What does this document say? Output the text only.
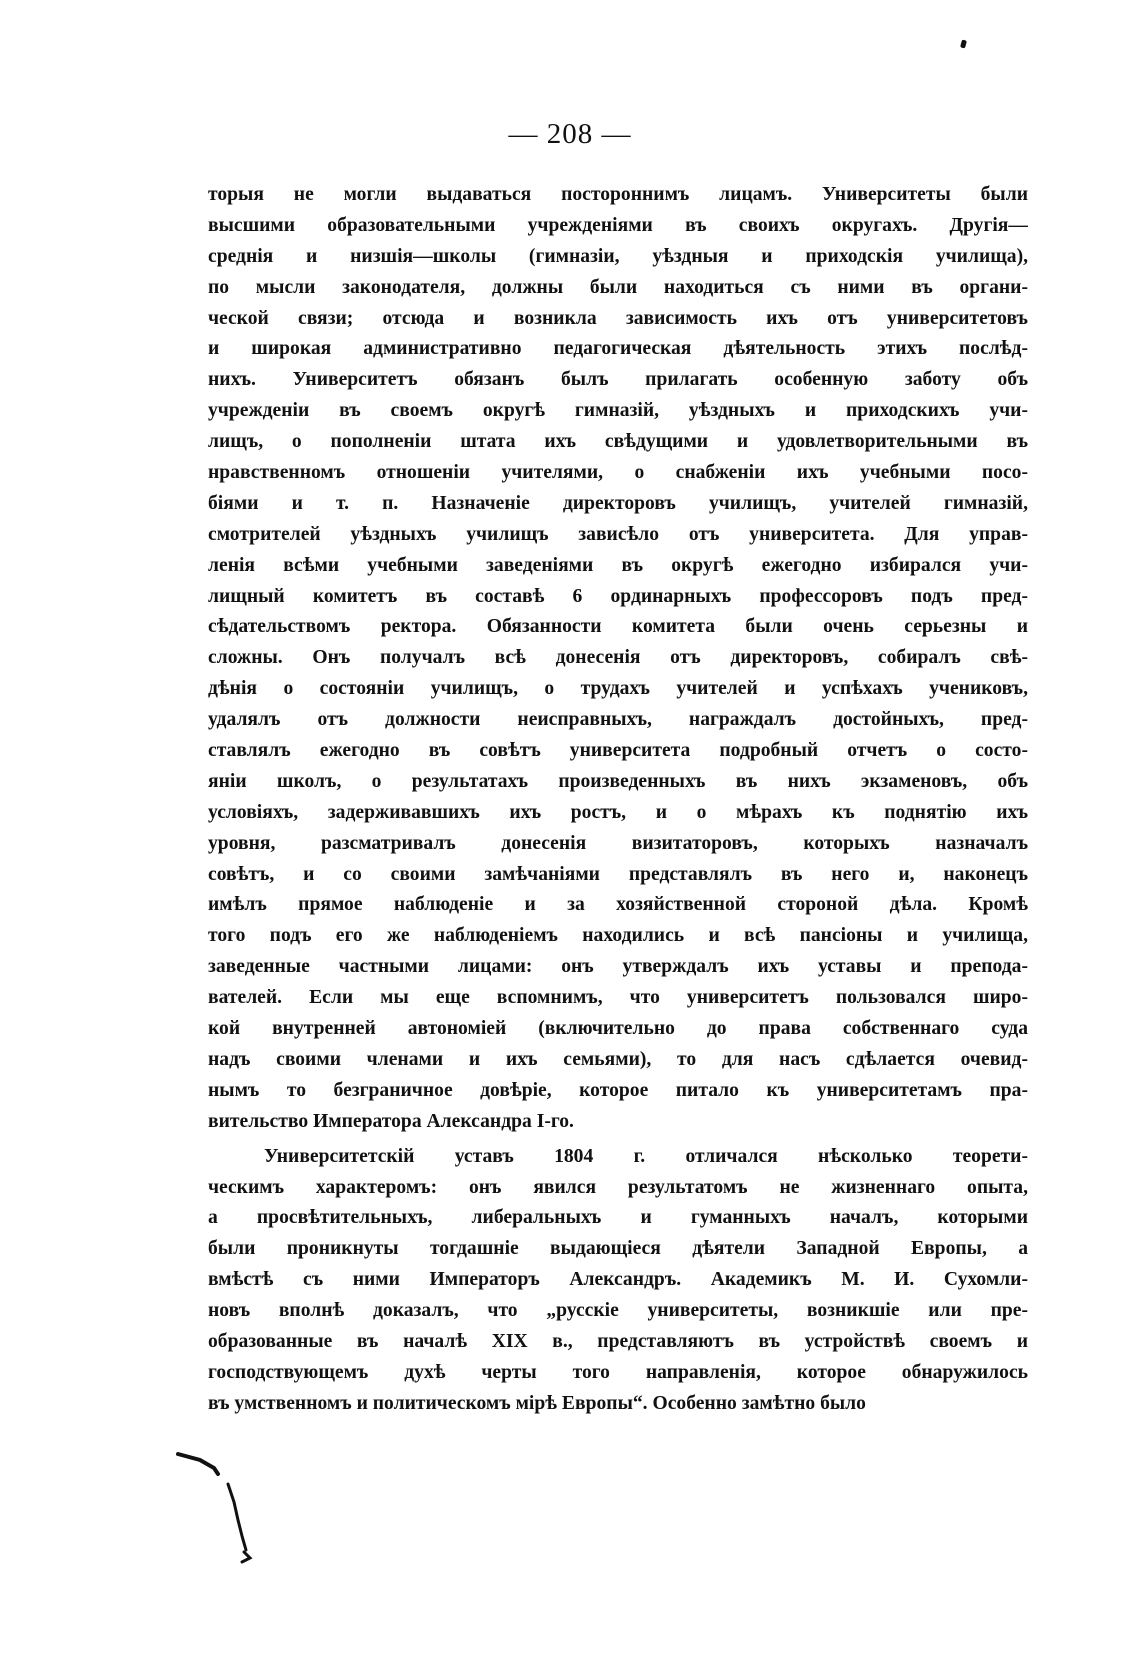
— 208 —
торыя не могли выдаваться постороннимъ лицамъ. Университеты были
высшими образовательными учрежденіями въ своихъ округахъ. Другія—
среднія и низшія—школы (гимназіи, уѣздныя и приходскія училища),
по мысли законодателя, должны были находиться съ ними въ органи-
ческой связи; отсюда и возникла зависимость ихъ отъ университетовъ
и широкая административно педагогическая дѣятельность этихъ послѣд-
нихъ. Университетъ обязанъ былъ прилагать особенную заботу объ
учрежденіи въ своемъ округѣ гимназій, уѣздныхъ и приходскихъ учи-
лищъ, о пополненіи штата ихъ свѣдущими и удовлетворительными въ
нравственномъ отношеніи учителями, о снабженіи ихъ учебными посо-
біями и т. п. Назначеніе директоровъ училищъ, учителей гимназій,
смотрителей уѣздныхъ училищъ зависѣло отъ университета. Для управ-
ленія всѣми учебными заведеніями въ округѣ ежегодно избирался учи-
лищный комитетъ въ составѣ 6 ординарныхъ профессоровъ подъ пред-
сѣдательствомъ ректора. Обязанности комитета были очень серьезны и
сложны. Онъ получалъ всѣ донесенія отъ директоровъ, собиралъ свѣ-
дѣнія о состояніи училищъ, о трудахъ учителей и успѣхахъ учениковъ,
удалялъ отъ должности неисправныхъ, награждалъ достойныхъ, пред-
ставлялъ ежегодно въ совѣтъ университета подробный отчетъ о состо-
яніи школъ, о результатахъ произведенныхъ въ нихъ экзаменовъ, объ
условіяхъ, задерживавшихъ ихъ ростъ, и о мѣрахъ къ поднятію ихъ
уровня, разсматривалъ донесенія визитаторовъ, которыхъ назначалъ
совѣтъ, и со своими замѣчаніями представлялъ въ него и, наконецъ
имѣлъ прямое наблюденіе и за хозяйственной стороной дѣла. Кромѣ
того подъ его же наблюденіемъ находились и всѣ пансіоны и училища,
заведенные частными лицами: онъ утверждалъ ихъ уставы и препода-
вателей. Если мы еще вспомнимъ, что университетъ пользовался широ-
кой внутренней автономіей (включительно до права собственнаго суда
надъ своими членами и ихъ семьями), то для насъ сдѣлается очевид-
нымъ то безграничное довѣріе, которое питало къ университетамъ пра-
вительство Императора Александра І-го.
Университетскій уставъ 1804 г. отличался нѣсколько теорети-
ческимъ характеромъ: онъ явился результатомъ не жизненнаго опыта,
а просвѣтительныхъ, либеральныхъ и гуманныхъ началъ, которыми
были проникнуты тогдашніе выдающіеся дѣятели Западной Европы, а
вмѣстѣ съ ними Императоръ Александръ. Академикъ М. И. Сухомли-
новъ вполнѣ доказалъ, что „русскіе университеты, возникшіе или пре-
образованные въ началѣ XIX в., представляютъ въ устройствѣ своемъ и
господствующемъ духѣ черты того направленія, которое обнаружилось
въ умственномъ и политическомъ мірѣ Европы“. Особенно замѣтно было
